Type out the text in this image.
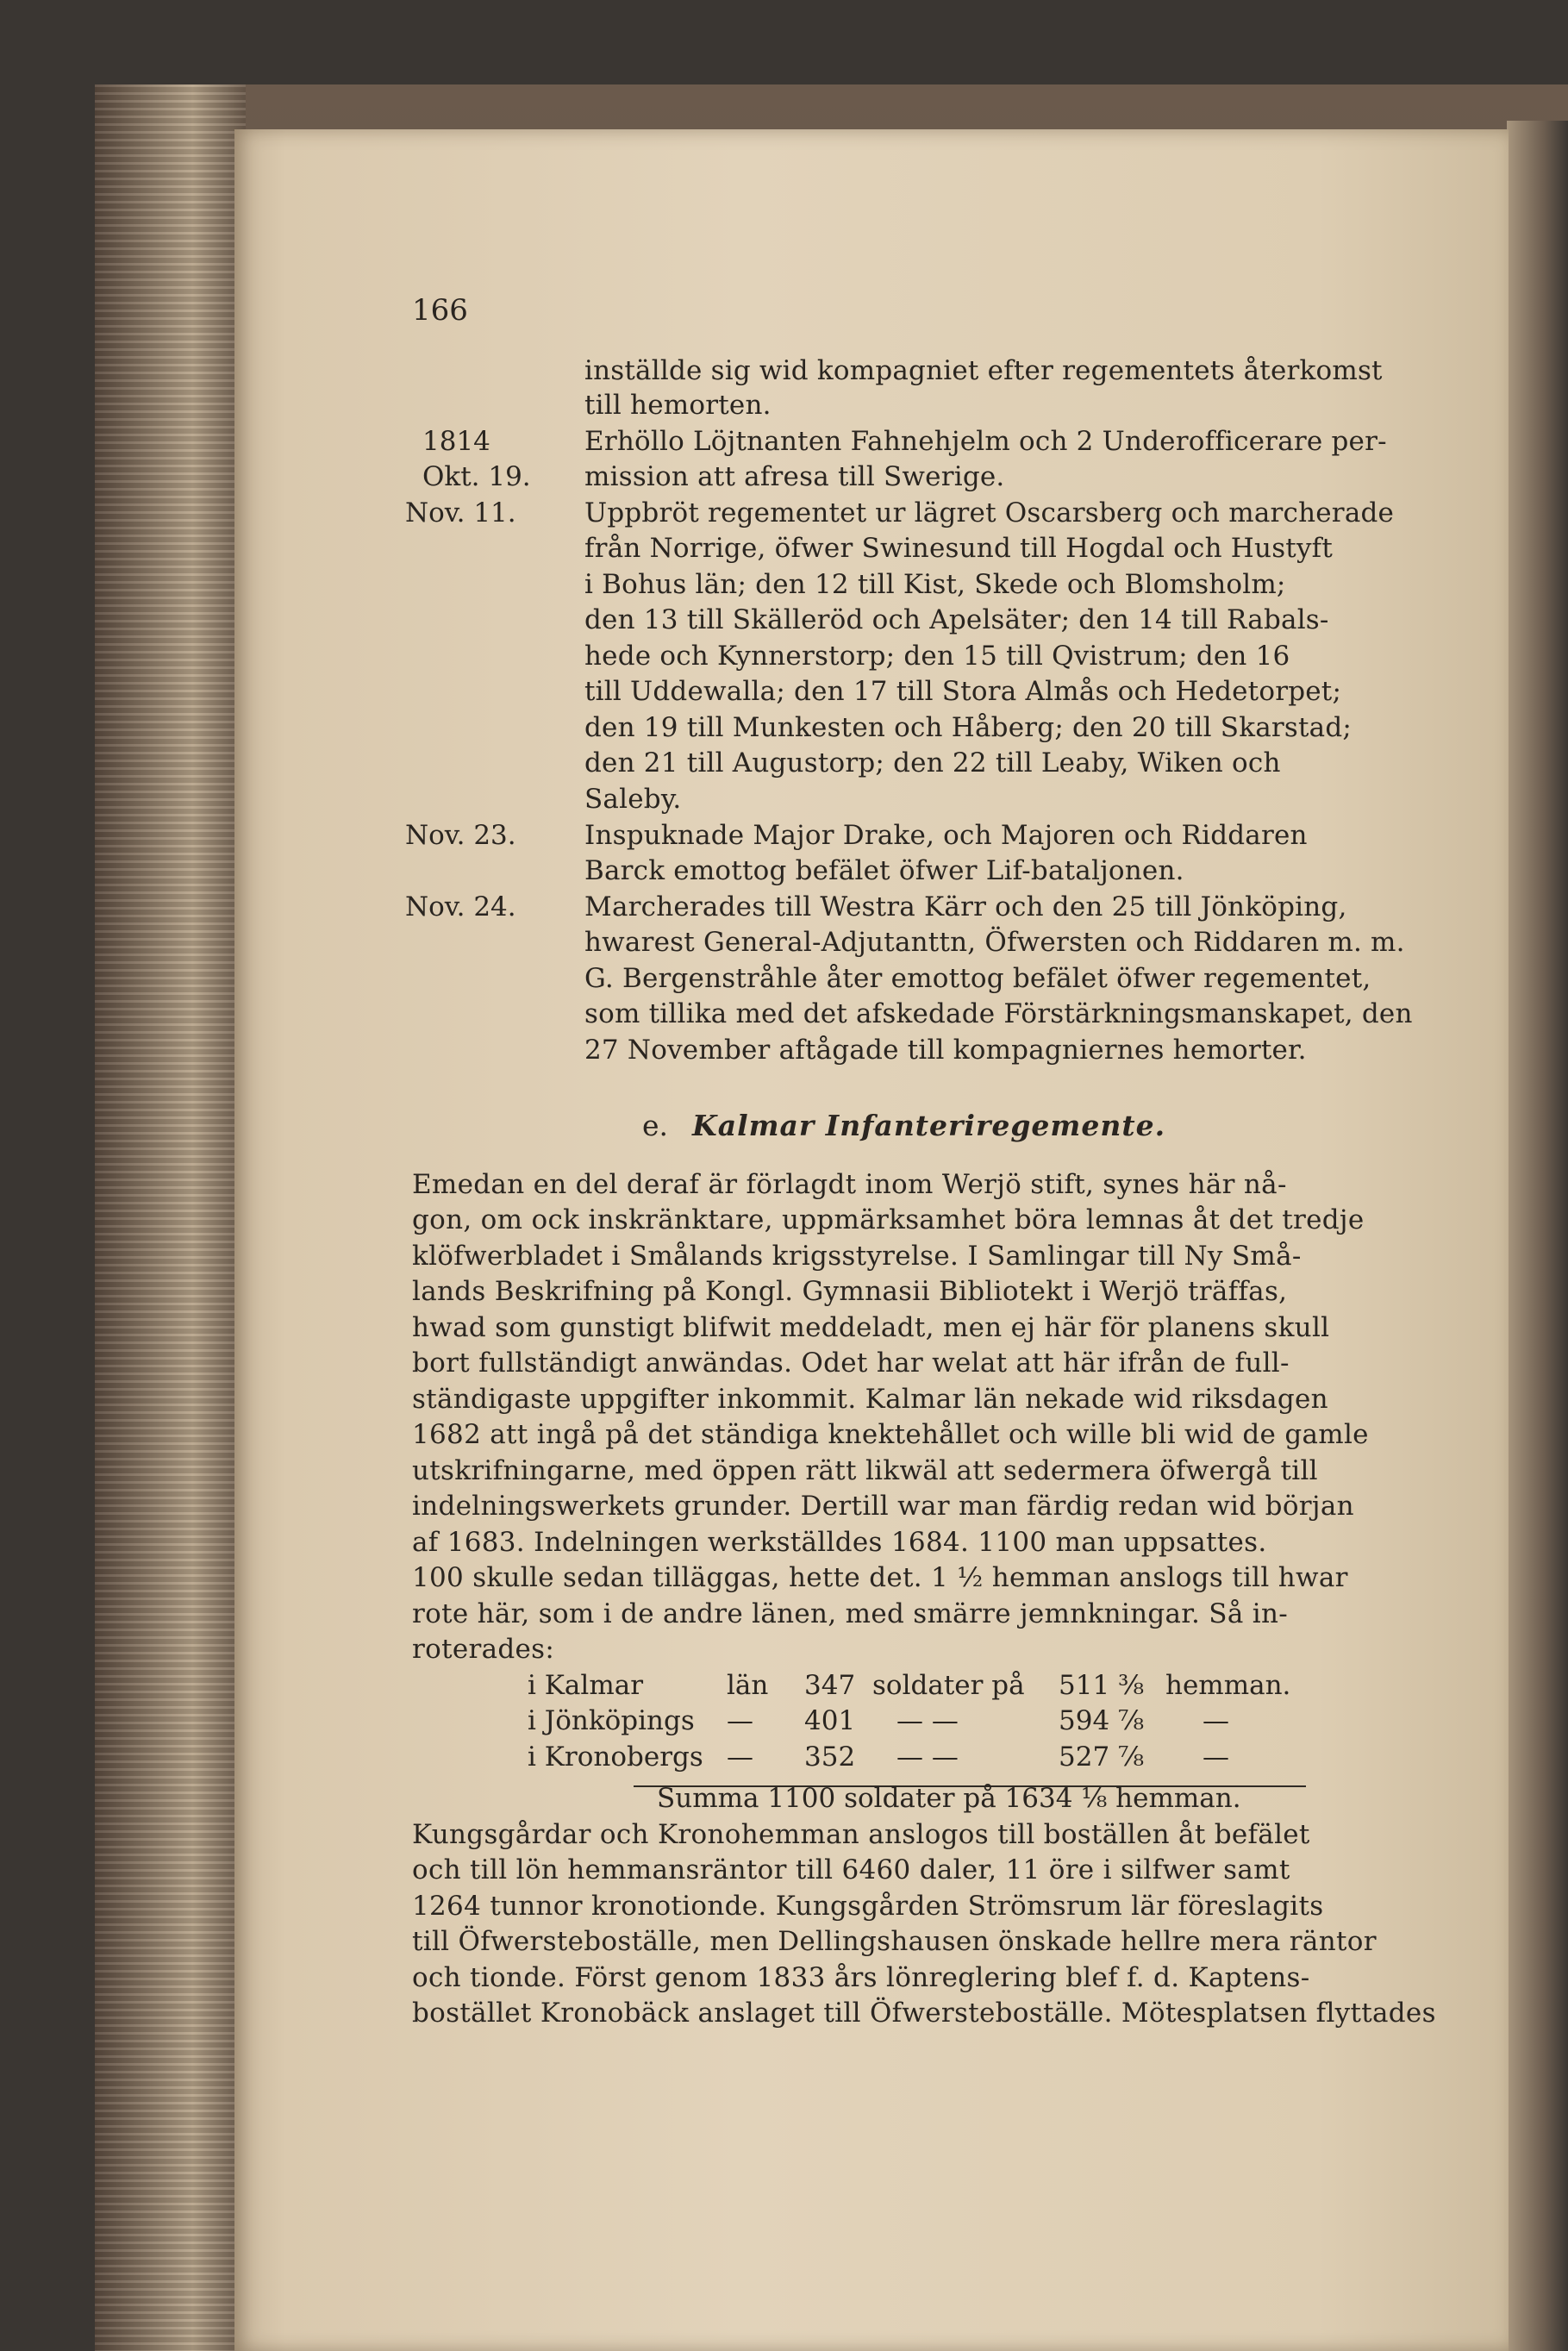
166
inställde sig wid kompagniet efter regementets återkomst
till hemorten.
1814	Erhöllo Löjtnanten Fahnehjelm och 2 Underofficerare per-
Okt. 19. mission att afresa till Swerige.
Nov. 11.	Uppbröt regementet ur lägret Oscarsberg och marcherade
från Norrige, öfwer Swinesund till Hogdal och Hustyft
i Bohus län; den 12 till Kist, Skede och Blomsholm;
den 13 till Skälleröd och Apelsäter; den 14 till Rabals-
hede och Kynnerstorp; den 15 till Qvistrum; den 16
till Uddewalla; den 17 till Stora Almås och Hedetorpet;
den 19 till Munkesten och Håberg; den 20 till Skarstad;
den 21 till Augustorp; den 22 till Leaby, Wiken och
Saleby.
Nov. 23.	Inspuknade Major Drake, och Majoren och Riddaren
Barck emottog befälet öfwer Lif-bataljonen.
Nov. 24.	Marcherades till Westra Kärr och den 25 till Jönköping,
hwarest General-Adjutanttn, Öfwersten och Riddaren m. m.
G. Bergenstråhle åter emottog befälet öfwer regementet,
som tillika med det afskedade Förstärkningsmanskapet, den
27 November aftågade till kompagniernes hemorter.
e. Kalmar Infanteriregemente.
Emedan en del deraf är förlagdt inom Werjö stift, synes här nå-
gon, om ock inskränktare, uppmärksamhet böra lemnas åt det tredje
klöfwerbladet i Smålands krigsstyrelse. I Samlingar till Ny Små-
lands Beskrifning på Kongl. Gymnasii Bibliotekt i Werjö träffas,
hwad som gunstigt blifwit meddeladt, men ej här för planens skull
bort fullständigt anwändas. Odet har welat att här ifrån de full-
ständigaste uppgifter inkommit. Kalmar län nekade wid riksdagen
1682 att ingå på det ständiga knektehållet och wille bli wid de gamle
utskrifningarne, med öppen rätt likwäl att sedermera öfwergå till
indelningswerkets grunder. Dertill war man färdig redan wid början
af 1683. Indelningen werkställdes 1684. 1100 man uppsattes.
100 skulle sedan tilläggas, hette det. 1 ½ hemman anslogs till hwar
rote här, som i de andre länen, med smärre jemnkningar. Så in-
roterades:
i Kalmar	län 347 soldater på 511 ³⁄₈ hemman.
i Jönköpings — 401 — —	594 ⁷⁄₈ —
i Kronobergs — 352 — —	527 ⁷⁄₈ —
Summa 1100 soldater på 1634 ¹⁄₈ hemman.
Kungsgårdar och Kronohemman anslogos till boställen åt befälet
och till lön hemmansräntor till 6460 daler, 11 öre i silfwer samt
1264 tunnor kronotionde. Kungsgården Strömsrum lär föreslagits
till Öfwersteboställe, men Dellingshausen önskade hellre mera räntor
och tionde. Först genom 1833 års lönreglering blef f. d. Kaptens-
bostället Kronobäck anslaget till Öfwersteboställe. Mötesplatsen flyttades
